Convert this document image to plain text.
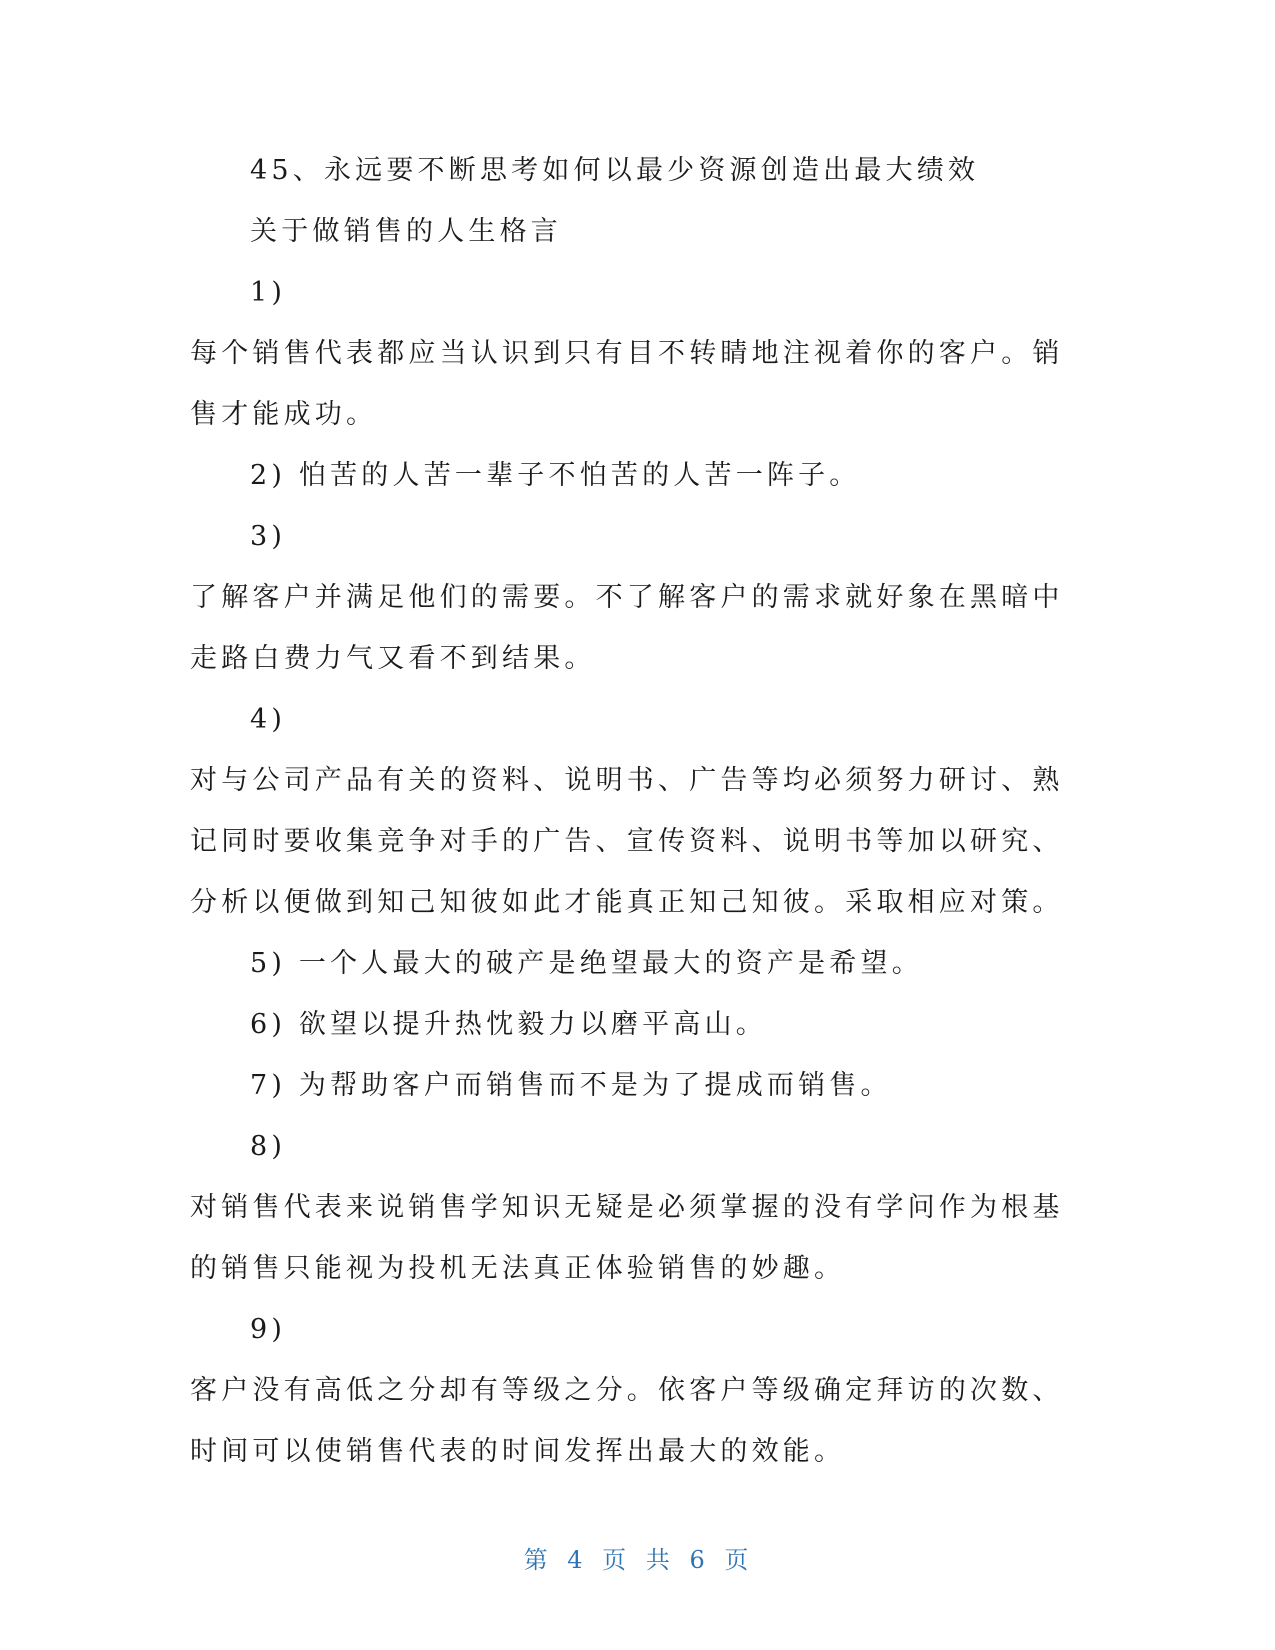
45、永远要不断思考如何以最少资源创造出最大绩效

关于做销售的人生格言

1)

每个销售代表都应当认识到只有目不转睛地注视着你的客户。销

售才能成功。

2) 怕苦的人苦一辈子不怕苦的人苦一阵子。

3)

了解客户并满足他们的需要。不了解客户的需求就好象在黑暗中

走路白费力气又看不到结果。

4)

对与公司产品有关的资料、说明书、广告等均必须努力研讨、熟

记同时要收集竞争对手的广告、宣传资料、说明书等加以研究、

分析以便做到知己知彼如此才能真正知己知彼。采取相应对策。

5) 一个人最大的破产是绝望最大的资产是希望。

6) 欲望以提升热忱毅力以磨平高山。

7) 为帮助客户而销售而不是为了提成而销售。

8)

对销售代表来说销售学知识无疑是必须掌握的没有学问作为根基

的销售只能视为投机无法真正体验销售的妙趣。

9)

客户没有高低之分却有等级之分。依客户等级确定拜访的次数、

时间可以使销售代表的时间发挥出最大的效能。

第 4 页 共 6 页
